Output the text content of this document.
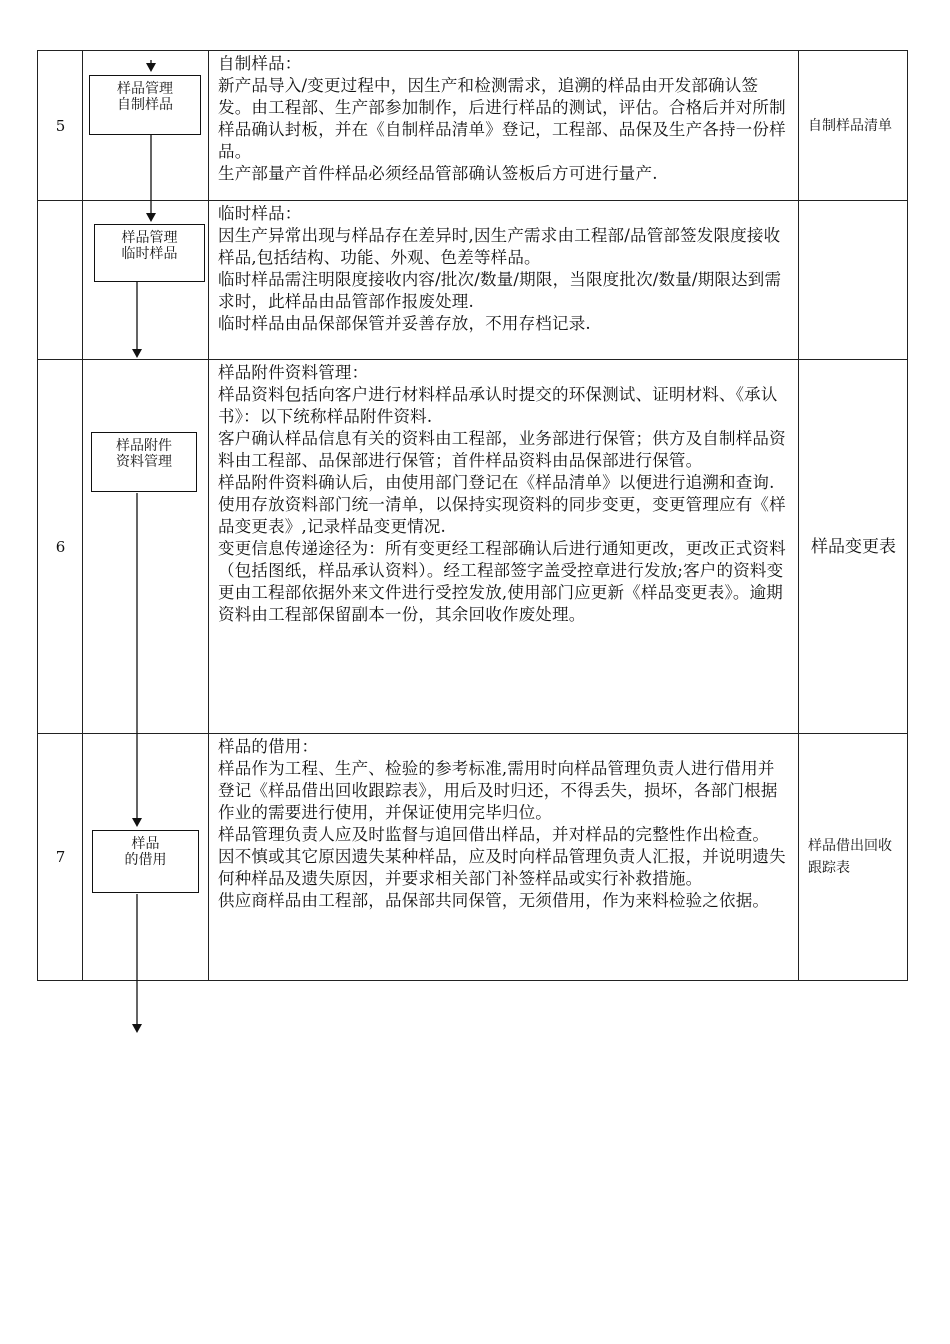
5
样品管理
自制样品

自制样品：

新产品导入/变更过程中，因生产和检测需求，追溯的样品由开发部确认签发。由工程部、生产部参加制作，后进行样品的测试，评估。合格后并对所制样品确认封板，并在《自制样品清单》登记，工程部、品保及生产各持一份样品。

生产部量产首件样品必须经品管部确认签板后方可进行量产.

自制样品清单
样品管理
临时样品

临时样品：

因生产异常出现与样品存在差异时,因生产需求由工程部/品管部签发限度接收样品,包括结构、功能、外观、色差等样品。

临时样品需注明限度接收内容/批次/数量/期限，当限度批次/数量/期限达到需求时，此样品由品管部作报废处理.

临时样品由品保部保管并妥善存放，不用存档记录.

6
样品附件
资料管理

样品附件资料管理：

样品资料包括向客户进行材料样品承认时提交的环保测试、证明材料、《承认书》：以下统称样品附件资料.

客户确认样品信息有关的资料由工程部，业务部进行保管；供方及自制样品资料由工程部、品保部进行保管；首件样品资料由品保部进行保管。

样品附件资料确认后，由使用部门登记在《样品清单》以便进行追溯和查询.

使用存放资料部门统一清单，以保持实现资料的同步变更，变更管理应有《样品变更表》,记录样品变更情况.

变更信息传递途径为：所有变更经工程部确认后进行通知更改，更改正式资料（包括图纸，样品承认资料）。经工程部签字盖受控章进行发放;客户的资料变更由工程部依据外来文件进行受控发放,使用部门应更新《样品变更表》。逾期资料由工程部保留副本一份，其余回收作废处理。

样品变更表
7
样品
的借用

样品的借用：

样品作为工程、生产、检验的参考标准,需用时向样品管理负责人进行借用并登记《样品借出回收跟踪表》，用后及时归还，不得丢失，损坏，各部门根据作业的需要进行使用，并保证使用完毕归位。

样品管理负责人应及时监督与追回借出样品，并对样品的完整性作出检查。

因不慎或其它原因遗失某种样品，应及时向样品管理负责人汇报，并说明遗失何种样品及遗失原因，并要求相关部门补签样品或实行补救措施。

供应商样品由工程部，品保部共同保管，无须借用，作为来料检验之依据。

样品借出回收跟踪表
